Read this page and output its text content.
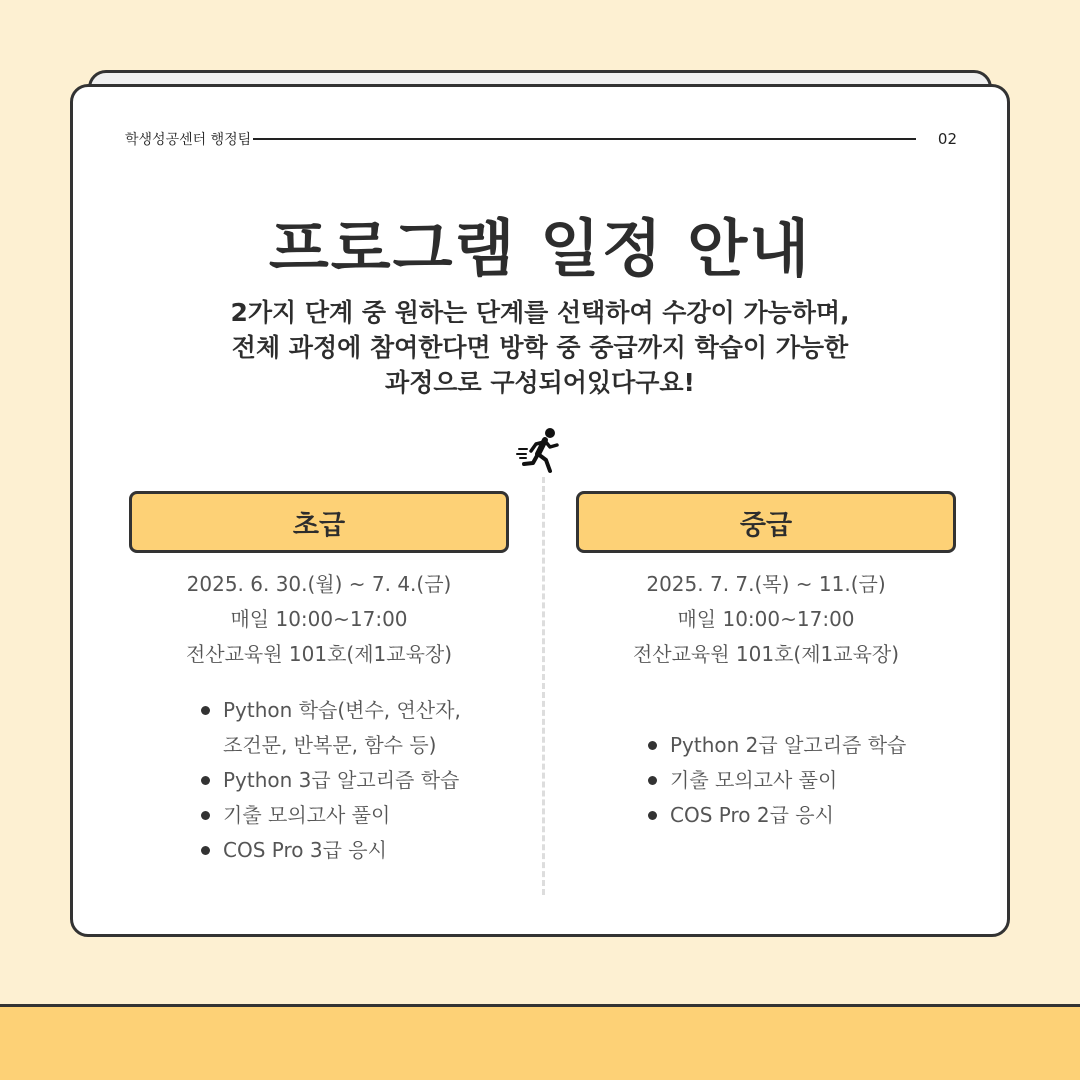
학생성공센터 행정팀	02
프로그램 일정 안내
2가지 단계 중 원하는 단계를 선택하여 수강이 가능하며,
전체 과정에 참여한다면 방학 중 중급까지 학습이 가능한
과정으로 구성되어있다구요!
초급
2025. 6. 30.(월) ~ 7. 4.(금)
매일 10:00~17:00
전산교육원 101호(제1교육장)
Python 학습(변수, 연산자,
조건문, 반복문, 함수 등)
Python 3급 알고리즘 학습
기출 모의고사 풀이
COS Pro 3급 응시
중급
2025. 7. 7.(목) ~ 11.(금)
매일 10:00~17:00
전산교육원 101호(제1교육장)
Python 2급 알고리즘 학습
기출 모의고사 풀이
COS Pro 2급 응시
